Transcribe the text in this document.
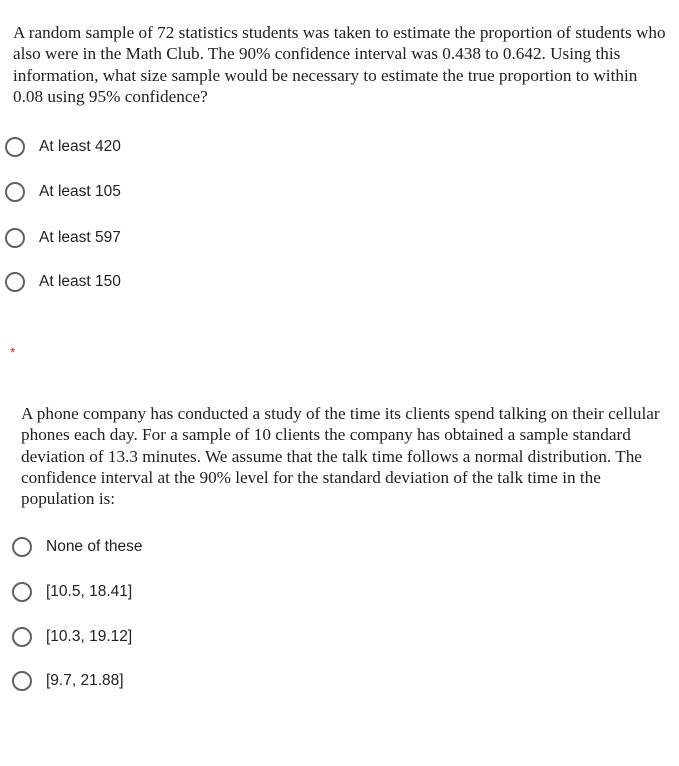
A random sample of 72 statistics students was taken to estimate the proportion of students who also were in the Math Club. The 90% confidence interval was 0.438 to 0.642. Using this information, what size sample would be necessary to estimate the true proportion to within 0.08 using 95% confidence?

At least 420
At least 105
At least 597
At least 150
*

A phone company has conducted a study of the time its clients spend talking on their cellular phones each day. For a sample of 10 clients the company has obtained a sample standard deviation of 13.3 minutes. We assume that the talk time follows a normal distribution. The confidence interval at the 90% level for the standard deviation of the talk time in the population is:

None of these
[10.5, 18.41]
[10.3, 19.12]
[9.7, 21.88]
